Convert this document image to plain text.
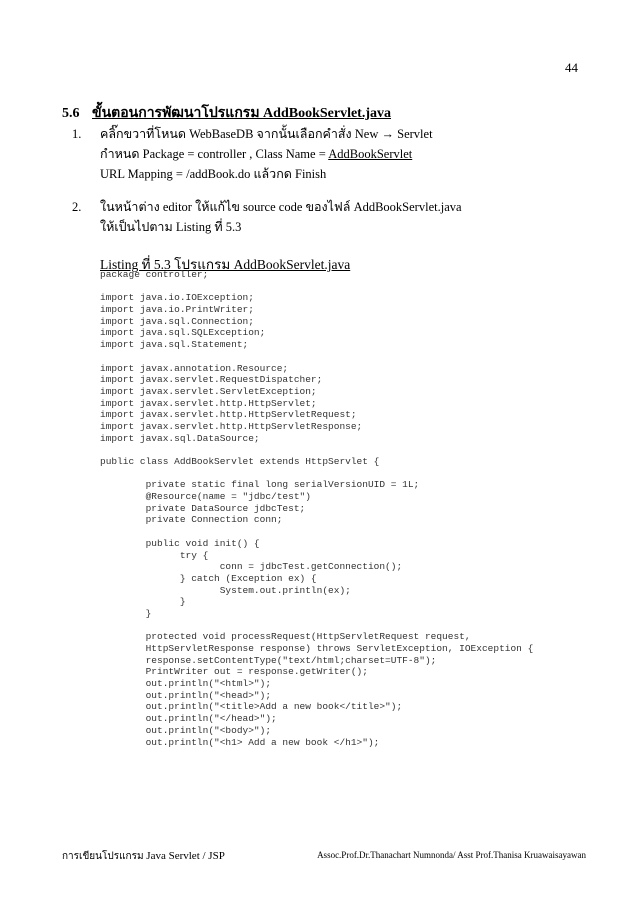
44
5.6 ขั้นตอนการพัฒนาโปรแกรม AddBookServlet.java
1. คลิ๊กขวาที่โหนด WebBaseDB จากนั้นเลือกคำสั่ง New → Servlet
กำหนด Package = controller , Class Name = AddBookServlet
URL Mapping = /addBook.do แล้วกด Finish
2. ในหน้าต่าง editor ให้แก้ไข source code ของไฟล์ AddBookServlet.java
ให้เป็นไปตาม Listing ที่ 5.3
Listing ที่ 5.3 โปรแกรม AddBookServlet.java
package controller;

import java.io.IOException;
import java.io.PrintWriter;
import java.sql.Connection;
import java.sql.SQLException;
import java.sql.Statement;

import javax.annotation.Resource;
import javax.servlet.RequestDispatcher;
import javax.servlet.ServletException;
import javax.servlet.http.HttpServlet;
import javax.servlet.http.HttpServletRequest;
import javax.servlet.http.HttpServletResponse;
import javax.sql.DataSource;

public class AddBookServlet extends HttpServlet {

private static final long serialVersionUID = 1L;
@Resource(name = "jdbc/test")
private DataSource jdbcTest;
private Connection conn;

public void init() {
try {
conn = jdbcTest.getConnection();
} catch (Exception ex) {
System.out.println(ex);
}
}

protected void processRequest(HttpServletRequest request,
HttpServletResponse response) throws ServletException, IOException {
response.setContentType("text/html;charset=UTF-8");
PrintWriter out = response.getWriter();
out.println("<html>");
out.println("<head>");
out.println("<title>Add a new book</title>");
out.println("</head>");
out.println("<body>");
out.println("<h1> Add a new book </h1>");
การเขียนโปรแกรม Java Servlet / JSP	Assoc.Prof.Dr.Thanachart Numnonda/ Asst Prof.Thanisa Kruawaisayawan
